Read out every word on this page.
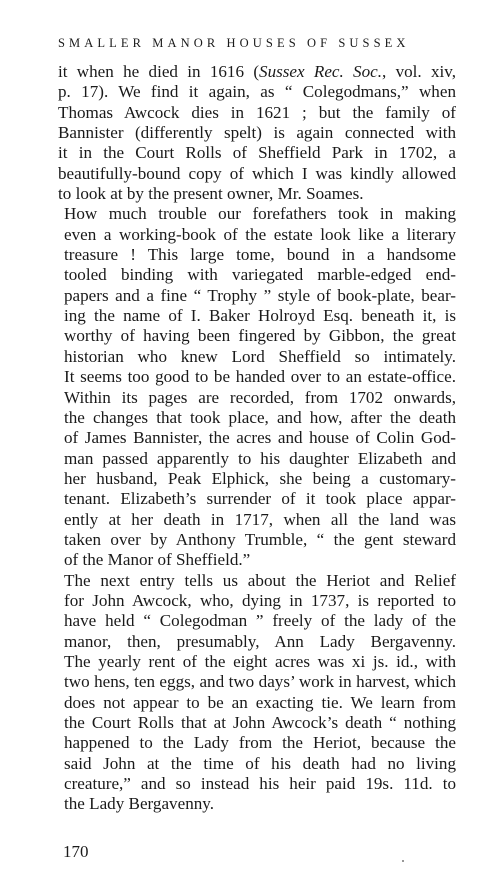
SMALLER MANOR HOUSES OF SUSSEX

it when he died in 1616 (Sussex Rec. Soc., vol. xiv,
p. 17). We find it again, as “ Colegodmans,” when
Thomas Awcock dies in 1621 ; but the family of
Bannister (differently spelt) is again connected with
it in the Court Rolls of Sheffield Park in 1702, a
beautifully-bound copy of which I was kindly allowed
to look at by the present owner, Mr. Soames.

How much trouble our forefathers took in making
even a working-book of the estate look like a literary
treasure ! This large tome, bound in a handsome
tooled binding with variegated marble-edged end-
papers and a fine “ Trophy ” style of book-plate, bear-
ing the name of I. Baker Holroyd Esq. beneath it, is
worthy of having been fingered by Gibbon, the great
historian who knew Lord Sheffield so intimately.
It seems too good to be handed over to an estate-office.
Within its pages are recorded, from 1702 onwards,
the changes that took place, and how, after the death
of James Bannister, the acres and house of Colin God-
man passed apparently to his daughter Elizabeth and
her husband, Peak Elphick, she being a customary-
tenant. Elizabeth’s surrender of it took place appar-
ently at her death in 1717, when all the land was
taken over by Anthony Trumble, “ the gent steward
of the Manor of Sheffield.”

The next entry tells us about the Heriot and Relief
for John Awcock, who, dying in 1737, is reported to
have held “ Colegodman ” freely of the lady of the
manor, then, presumably, Ann Lady Bergavenny.
The yearly rent of the eight acres was xi js. id., with
two hens, ten eggs, and two days’ work in harvest, which
does not appear to be an exacting tie. We learn from
the Court Rolls that at John Awcock’s death “ nothing
happened to the Lady from the Heriot, because the
said John at the time of his death had no living
creature,” and so instead his heir paid 19s. 11d. to
the Lady Bergavenny.

170
